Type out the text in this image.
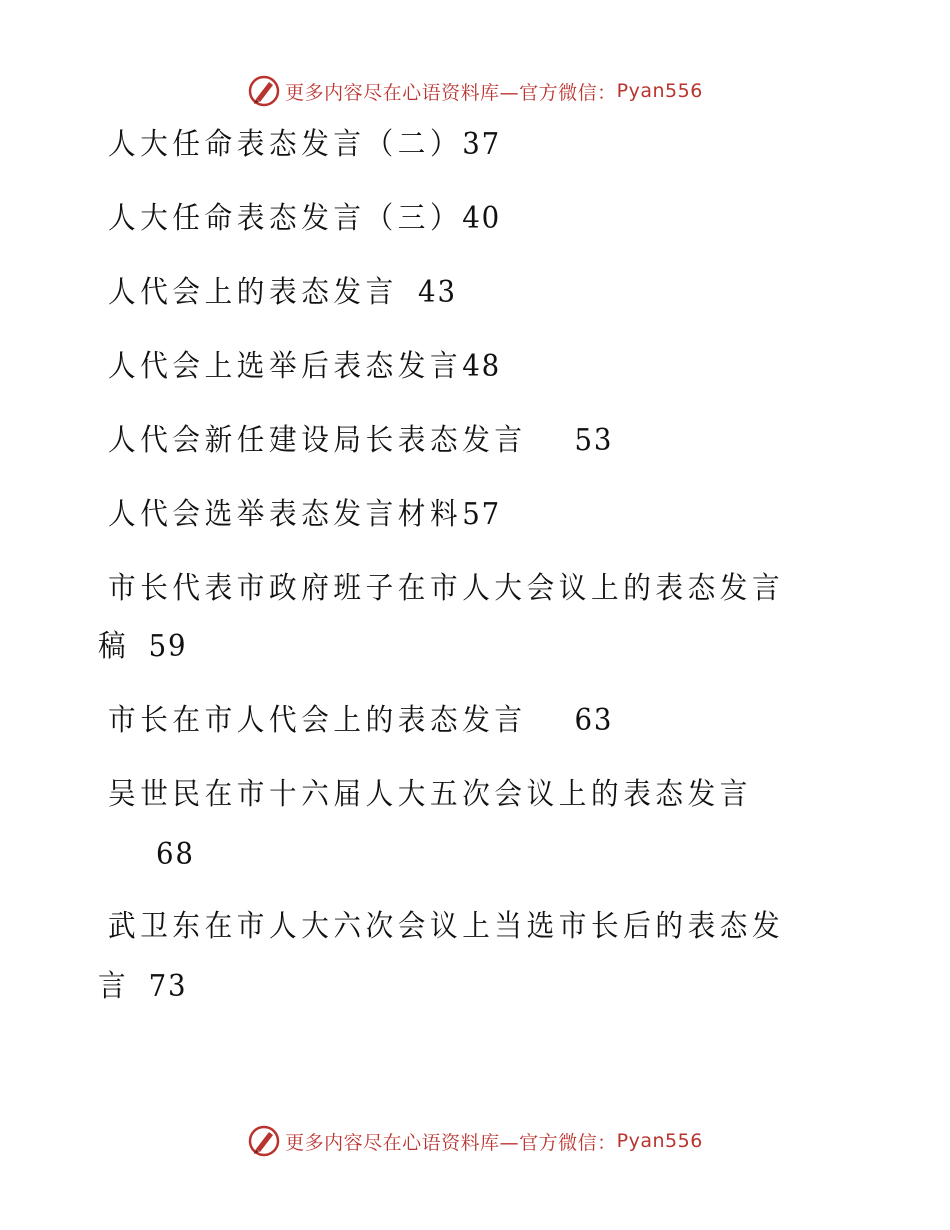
更多内容尽在心语资料库—官方微信： Pyan556
人大任命表态发言（二）37
人大任命表态发言（三）40
人代会上的表态发言 43
人代会上选举后表态发言48
人代会新任建设局长表态发言 53
人代会选举表态发言材料57
市长代表市政府班子在市人大会议上的表态发言
稿 59
市长在市人代会上的表态发言 63
吴世民在市十六届人大五次会议上的表态发言
68
武卫东在市人大六次会议上当选市长后的表态发
言 73
更多内容尽在心语资料库—官方微信： Pyan556
